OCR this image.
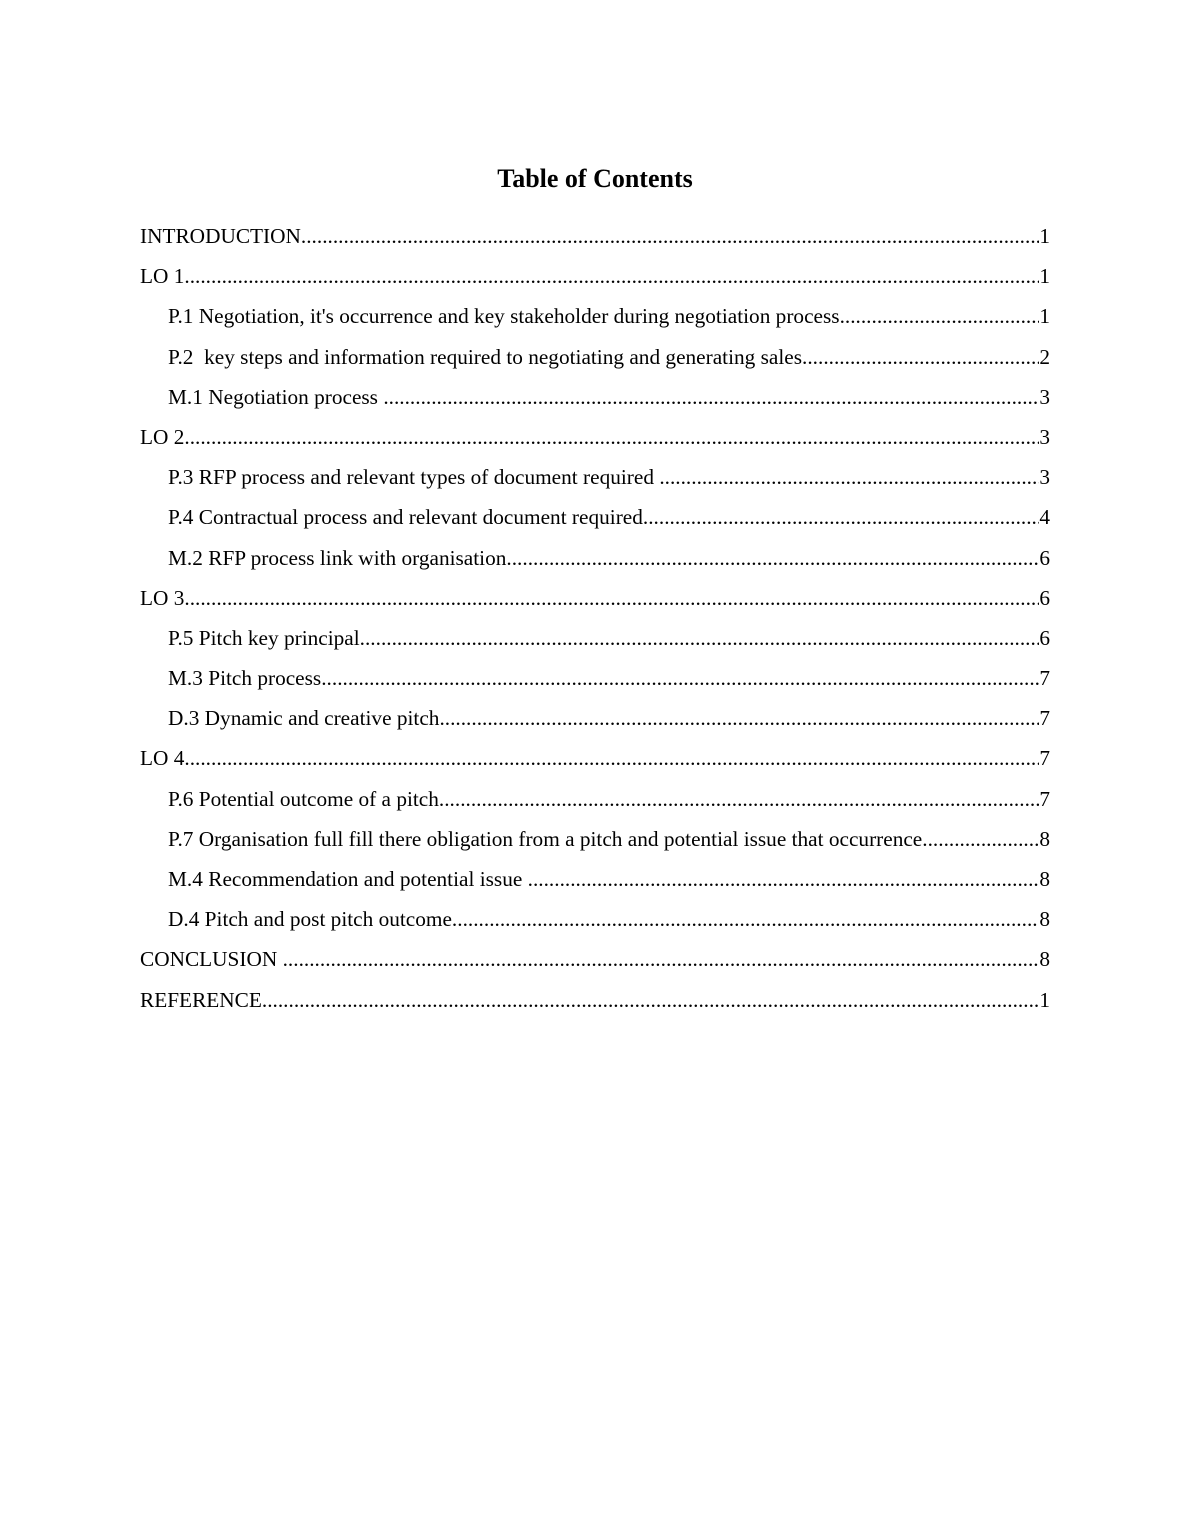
Table of Contents
INTRODUCTION .....	1
LO 1 .....	1
P.1 Negotiation, it's occurrence and key stakeholder during negotiation process .....	1
P.2  key steps and information required to negotiating and generating sales .....	2
M.1 Negotiation process .....	3
LO 2 .....	3
P.3 RFP process and relevant types of document required .....	3
P.4 Contractual process and relevant document required .....	4
M.2 RFP process link with organisation .....	6
LO 3 .....	6
P.5 Pitch key principal .....	6
M.3 Pitch process .....	7
D.3 Dynamic and creative pitch .....	7
LO 4 .....	7
P.6 Potential outcome of a pitch .....	7
P.7 Organisation full fill there obligation from a pitch and potential issue that occurrence .....	8
M.4 Recommendation and potential issue .....	8
D.4 Pitch and post pitch outcome .....	8
CONCLUSION .....	8
REFERENCE .....	1
